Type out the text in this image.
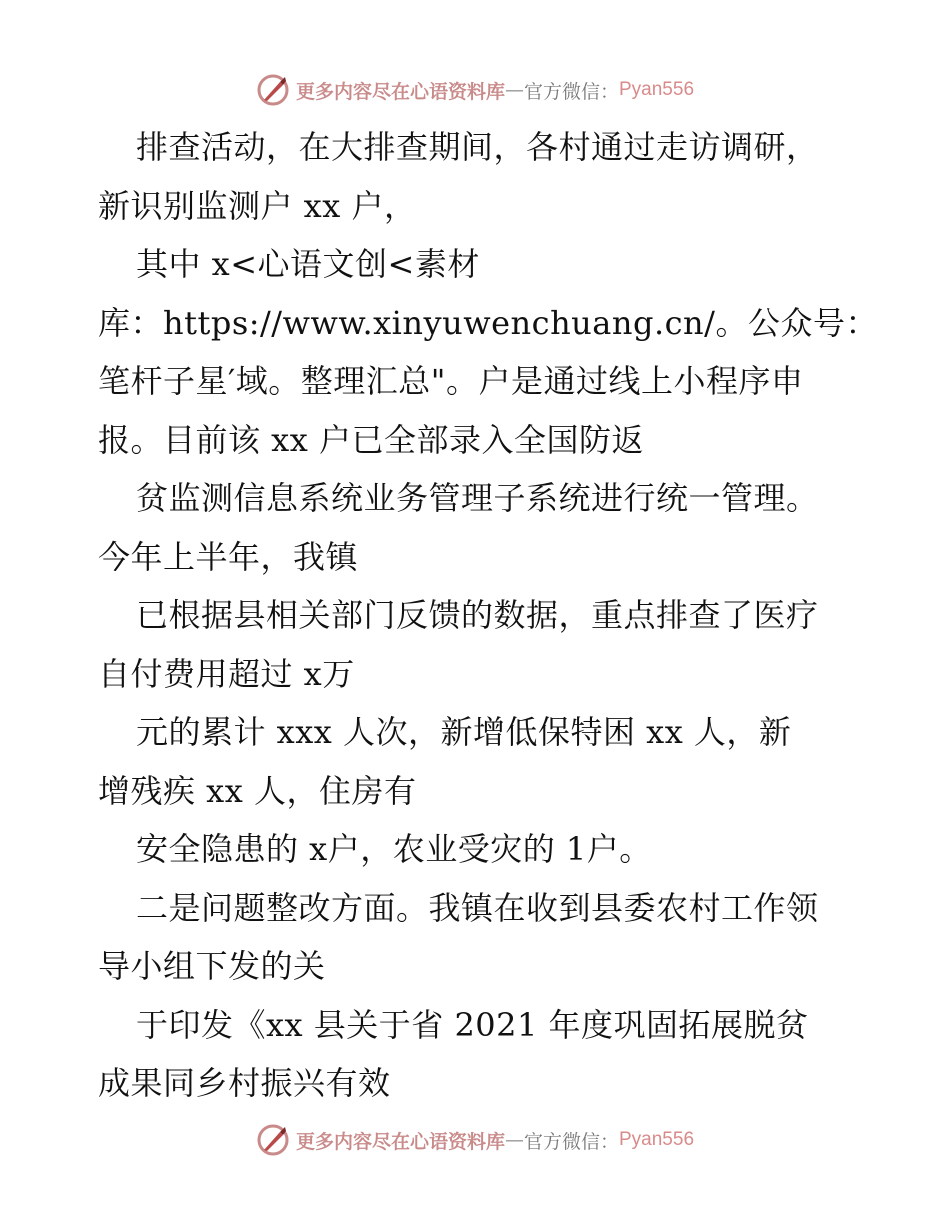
更多内容尽在心语资料库 — 官方微信： Pyan556
排查活动，在大排查期间，各村通过走访调研，
新识别监测户 xx 户，
其中 x<心语文创<素材
库：https://www.xinyuwenchuang.cn/。公众号：
笔杆子星′域。整理汇总"。户是通过线上小程序申
报。目前该 xx 户已全部录入全国防返
贫监测信息系统业务管理子系统进行统一管理。
今年上半年，我镇
已根据县相关部门反馈的数据，重点排查了医疗
自付费用超过 x万
元的累计 xxx 人次，新增低保特困 xx 人，新
增残疾 xx 人，住房有
安全隐患的 x户，农业受灾的 1户。
二是问题整改方面。我镇在收到县委农村工作领
导小组下发的关
于印发《xx 县关于省 2021 年度巩固拓展脱贫
成果同乡村振兴有效
更多内容尽在心语资料库 — 官方微信： Pyan556
